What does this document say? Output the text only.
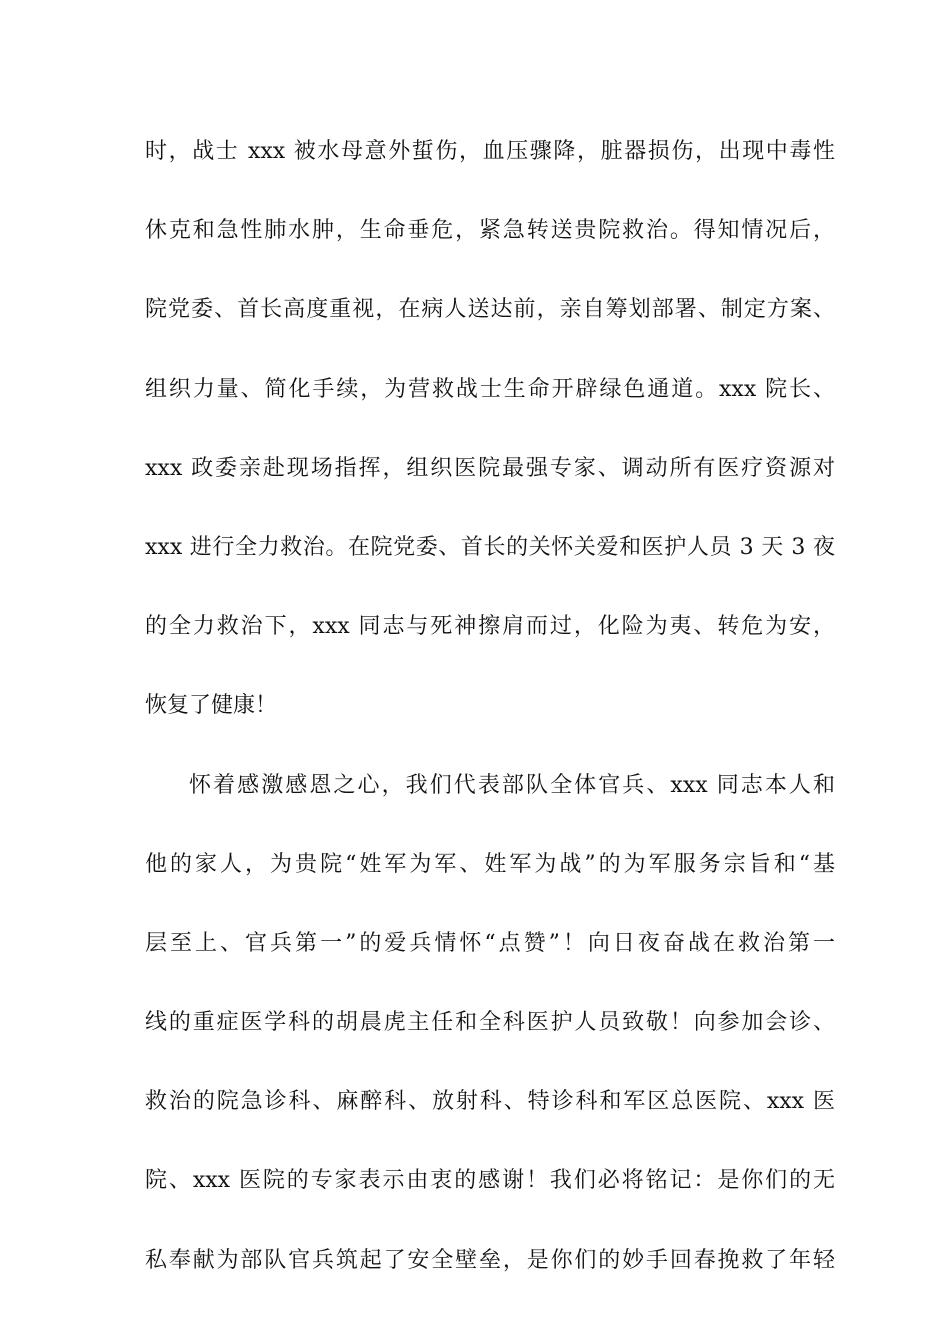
时，战士 xxx 被水母意外蜇伤，血压骤降，脏器损伤，出现中毒性
休克和急性肺水肿，生命垂危，紧急转送贵院救治。得知情况后，
院党委、首长高度重视，在病人送达前，亲自筹划部署、制定方案、
组织力量、简化手续，为营救战士生命开辟绿色通道。xxx 院长、
xxx 政委亲赴现场指挥，组织医院最强专家、调动所有医疗资源对
xxx 进行全力救治。在院党委、首长的关怀关爱和医护人员 3 天 3 夜
的全力救治下，xxx 同志与死神擦肩而过，化险为夷、转危为安，
恢复了健康！
怀着感激感恩之心，我们代表部队全体官兵、xxx 同志本人和
他的家人，为贵院“姓军为军、姓军为战”的为军服务宗旨和“基
层至上、官兵第一”的爱兵情怀“点赞”！向日夜奋战在救治第一
线的重症医学科的胡晨虎主任和全科医护人员致敬！向参加会诊、
救治的院急诊科、麻醉科、放射科、特诊科和军区总医院、xxx 医
院、xxx 医院的专家表示由衷的感谢！我们必将铭记：是你们的无
私奉献为部队官兵筑起了安全壁垒，是你们的妙手回春挽救了年轻
